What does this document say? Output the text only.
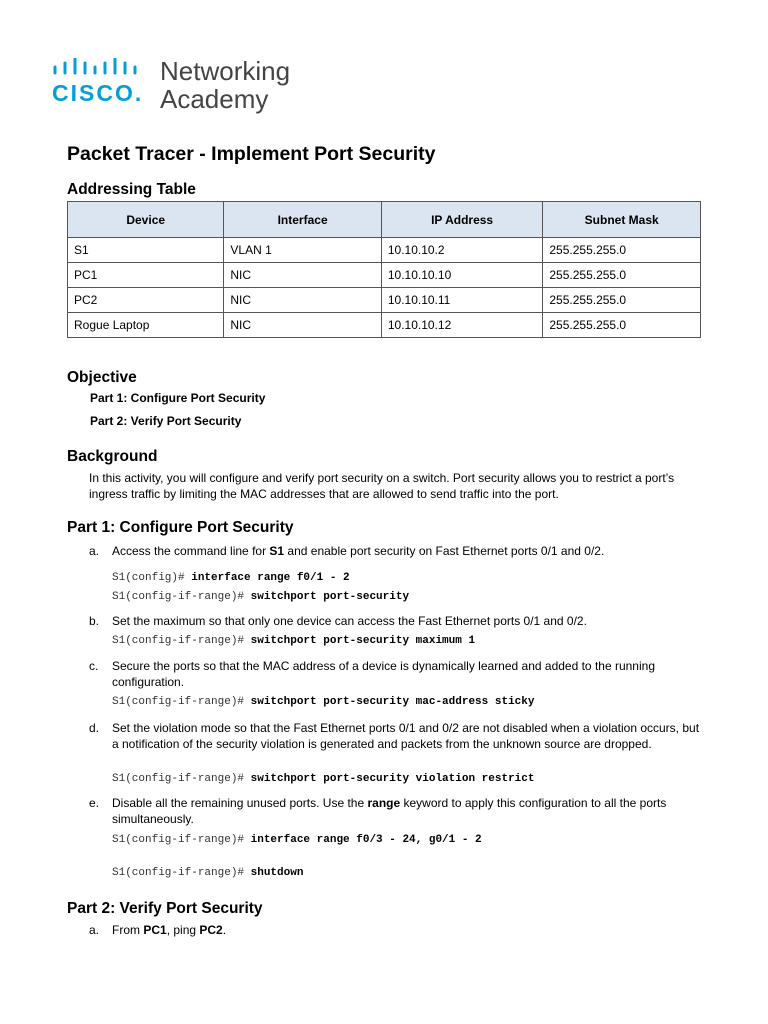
CISCO.
Networking
Academy
Packet Tracer - Implement Port Security
Addressing Table
Device	Interface	IP Address	Subnet Mask
S1	VLAN 1	10.10.10.2	255.255.255.0
PC1	NIC	10.10.10.10	255.255.255.0
PC2	NIC	10.10.10.11	255.255.255.0
Rogue Laptop	NIC	10.10.10.12	255.255.255.0
Objective
Part 1: Configure Port Security
Part 2: Verify Port Security
Background
In this activity, you will configure and verify port security on a switch. Port security allows you to restrict a port’s ingress traffic by limiting the MAC addresses that are allowed to send traffic into the port.
Part 1: Configure Port Security
a. Access the command line for S1 and enable port security on Fast Ethernet ports 0/1 and 0/2.
S1(config)# interface range f0/1 - 2
S1(config-if-range)# switchport port-security
b. Set the maximum so that only one device can access the Fast Ethernet ports 0/1 and 0/2.
S1(config-if-range)# switchport port-security maximum 1
c. Secure the ports so that the MAC address of a device is dynamically learned and added to the running configuration.
S1(config-if-range)# switchport port-security mac-address sticky
d. Set the violation mode so that the Fast Ethernet ports 0/1 and 0/2 are not disabled when a violation occurs, but a notification of the security violation is generated and packets from the unknown source are dropped.
S1(config-if-range)# switchport port-security violation restrict
e. Disable all the remaining unused ports. Use the range keyword to apply this configuration to all the ports simultaneously.
S1(config-if-range)# interface range f0/3 - 24, g0/1 - 2
S1(config-if-range)# shutdown
Part 2: Verify Port Security
a. From PC1, ping PC2.
